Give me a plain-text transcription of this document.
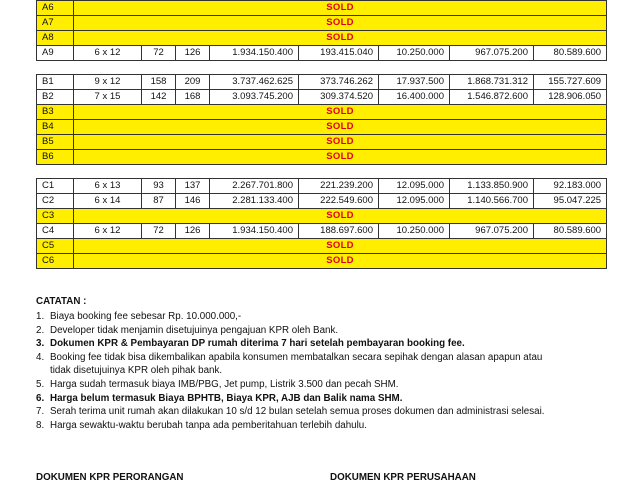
A6	SOLD							
A7	SOLD							
A8	SOLD							
A9	6 x 12	72	126	1.934.150.400	193.415.040	10.250.000	967.075.200	80.589.600

B1	9 x 12	158	209	3.737.462.625	373.746.262	17.937.500	1.868.731.312	155.727.609
B2	7 x 15	142	168	3.093.745.200	309.374.520	16.400.000	1.546.872.600	128.906.050
B3	SOLD							
B4	SOLD							
B5	SOLD							
B6	SOLD							

C1	6 x 13	93	137	2.267.701.800	221.239.200	12.095.000	1.133.850.900	92.183.000
C2	6 x 14	87	146	2.281.133.400	222.549.600	12.095.000	1.140.566.700	95.047.225
C3	SOLD							
C4	6 x 12	72	126	1.934.150.400	188.697.600	10.250.000	967.075.200	80.589.600
C5	SOLD							
C6	SOLD							
CATATAN :
1. Biaya booking fee sebesar Rp. 10.000.000,-
2. Developer tidak menjamin disetujuinya pengajuan KPR oleh Bank.
3. Dokumen KPR & Pembayaran DP rumah diterima 7 hari setelah pembayaran booking fee.
4. Booking fee tidak bisa dikembalikan apabila konsumen membatalkan secara sepihak dengan alasan apapun atau
tidak disetujuinya KPR oleh pihak bank.
5. Harga sudah termasuk biaya IMB/PBG, Jet pump, Listrik 3.500 dan pecah SHM.
6. Harga belum termasuk Biaya BPHTB, Biaya KPR, AJB dan Balik nama SHM.
7. Serah terima unit rumah akan dilakukan 10 s/d 12 bulan setelah semua proses dokumen dan administrasi selesai.
8. Harga sewaktu-waktu berubah tanpa ada pemberitahuan terlebih dahulu.
DOKUMEN KPR PERORANGAN	DOKUMEN KPR PERUSAHAAN
